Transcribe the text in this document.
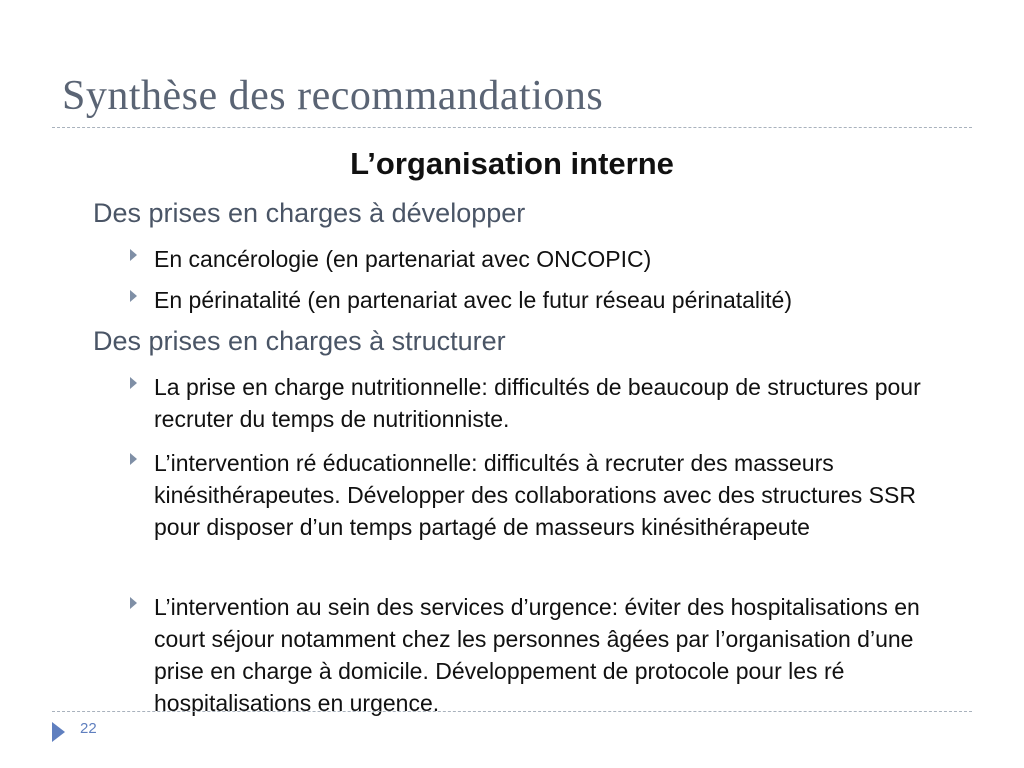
Synthèse des recommandations
L’organisation interne
Des prises en charges à développer
En cancérologie (en partenariat avec ONCOPIC)
En périnatalité (en partenariat avec le futur réseau périnatalité)
Des prises en charges à structurer
La prise en charge nutritionnelle: difficultés de beaucoup de structures pour recruter du temps de nutritionniste.
L’intervention ré éducationnelle: difficultés à recruter des masseurs kinésithérapeutes. Développer des collaborations avec des structures SSR pour disposer d’un temps partagé de masseurs kinésithérapeute
L’intervention au sein des services d’urgence: éviter des hospitalisations en court séjour notamment chez les personnes âgées par l’organisation d’une prise en charge à domicile. Développement de protocole pour les ré hospitalisations en urgence.
22
